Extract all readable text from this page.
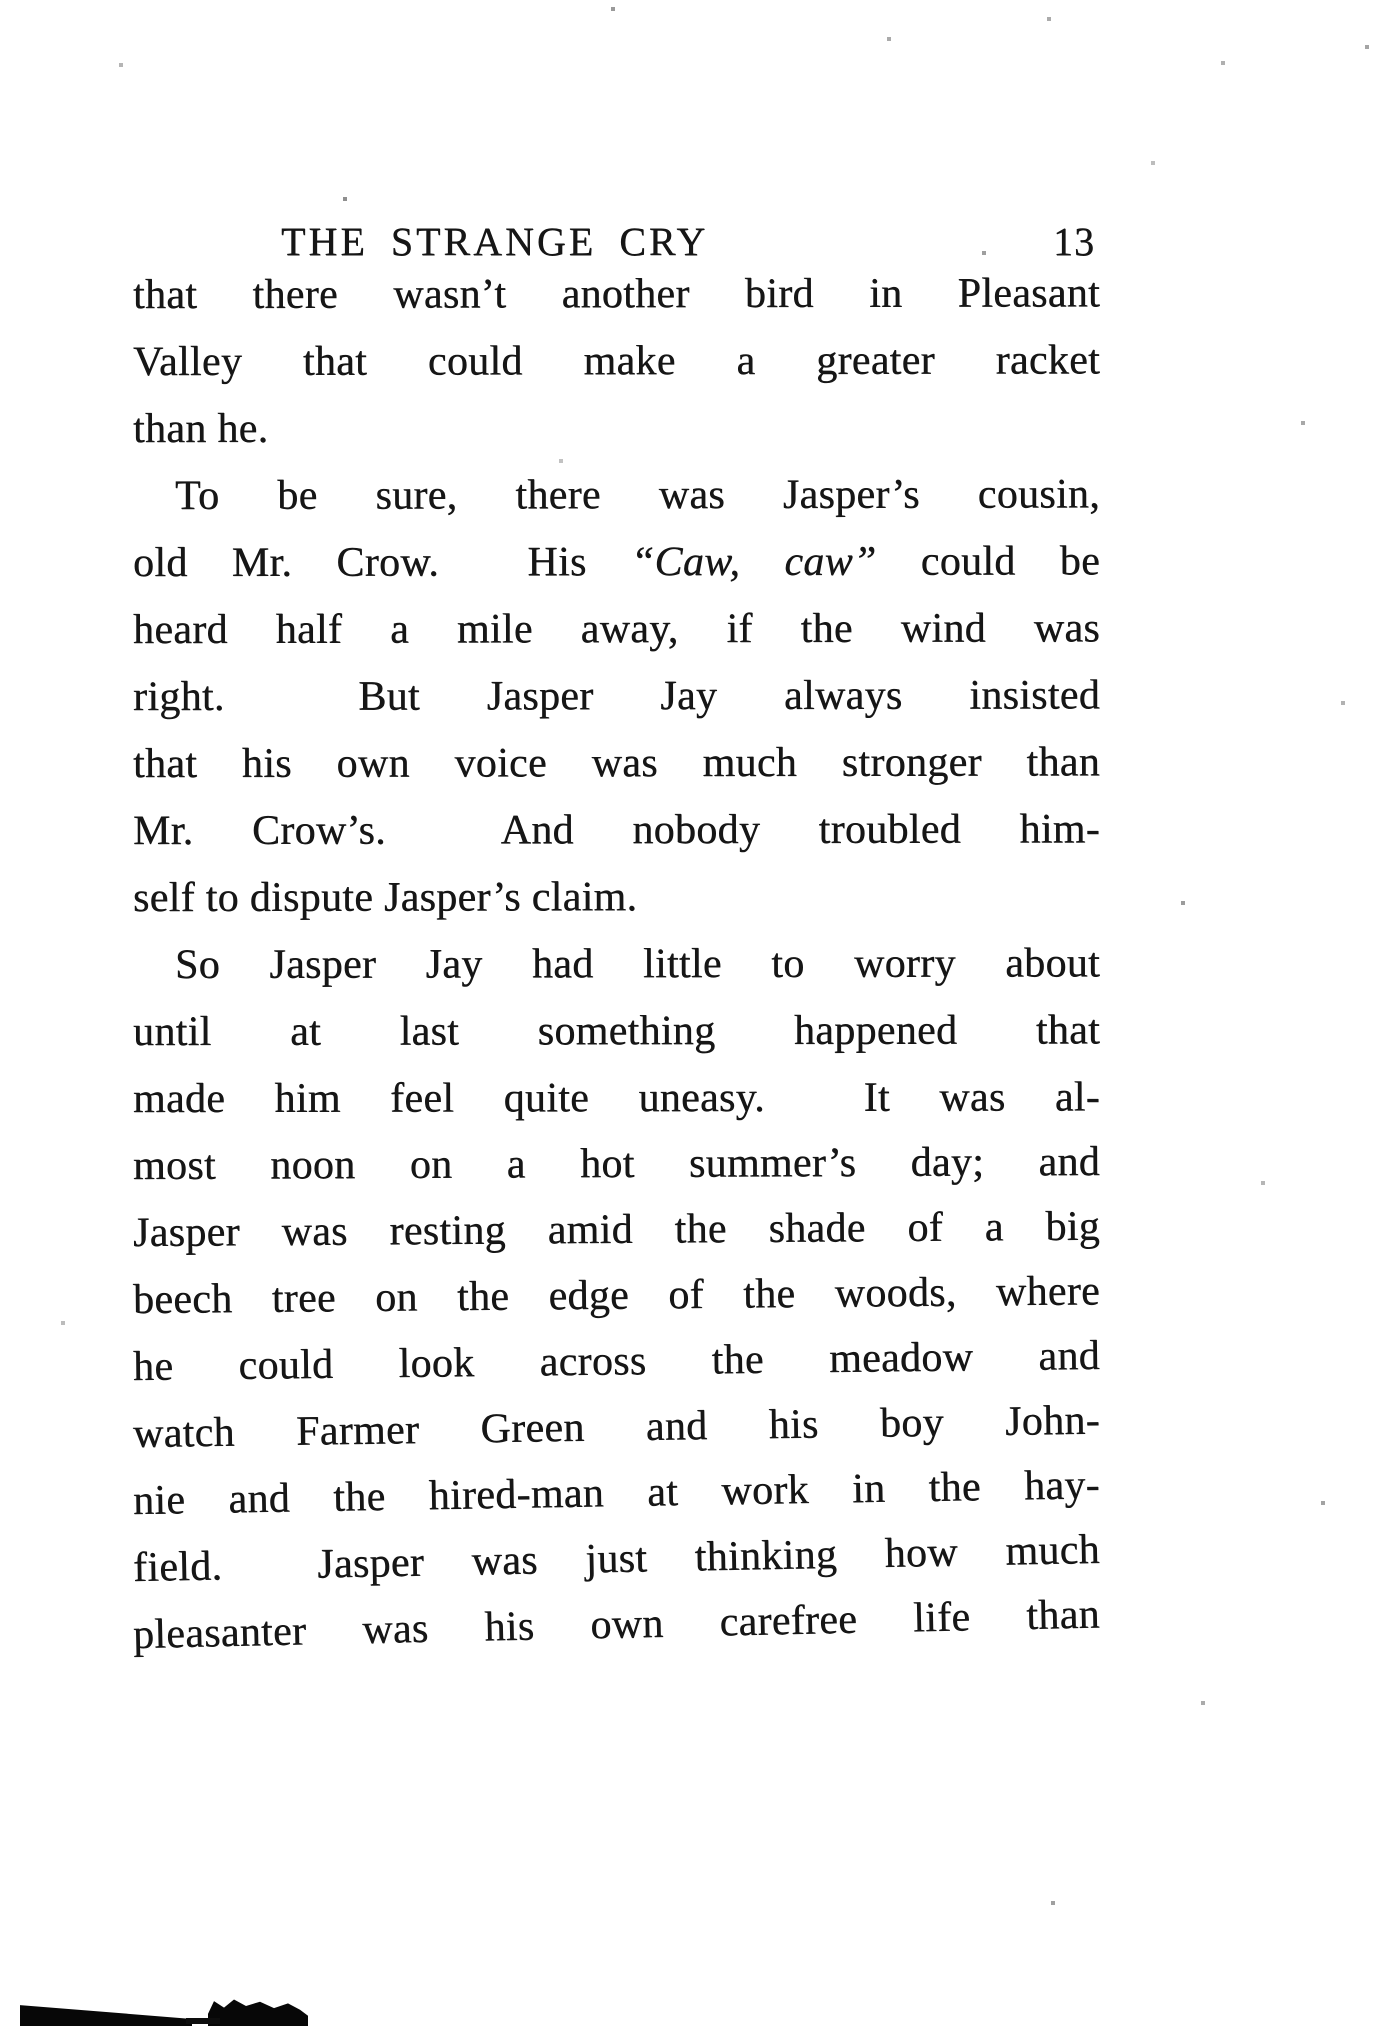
THE STRANGE CRY	13
that there wasn’t another bird in Pleasant
Valley that could make a greater racket
than he.
To be sure, there was Jasper’s cousin,
old Mr. Crow.  His “Caw, caw” could be
heard half a mile away, if the wind was
right.  But Jasper Jay always insisted
that his own voice was much stronger than
Mr. Crow’s.  And nobody troubled him-
self to dispute Jasper’s claim.
So Jasper Jay had little to worry about
until at last something happened that
made him feel quite uneasy.  It was al-
most noon on a hot summer’s day; and
Jasper was resting amid the shade of a big
beech tree on the edge of the woods, where
he could look across the meadow and
watch Farmer Green and his boy John-
nie and the hired-man at work in the hay-
field.  Jasper was just thinking how much
pleasanter was his own carefree life than
